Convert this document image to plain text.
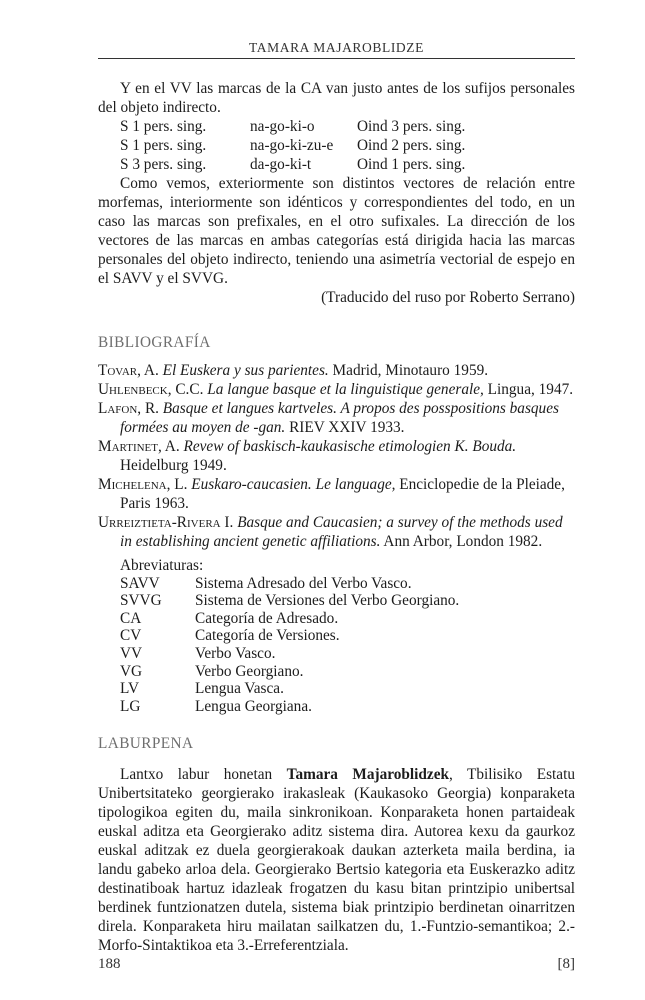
TAMARA MAJAROBLIDZE

Y en el VV las marcas de la CA van justo antes de los sufijos personales del objeto indirecto.

S 1 pers. sing.	na-go-ki-o	Oind 3 pers. sing.
S 1 pers. sing.	na-go-ki-zu-e Oind 2 pers. sing.
S 3 pers. sing.	da-go-ki-t	Oind 1 pers. sing.

Como vemos, exteriormente son distintos vectores de relación entre morfemas, interiormente son idénticos y correspondientes del todo, en un caso las marcas son prefixales, en el otro sufixales. La dirección de los vectores de las marcas en ambas categorías está dirigida hacia las marcas personales del objeto indirecto, teniendo una asimetría vectorial de espejo en el SAVV y el SVVG.

(Traducido del ruso por Roberto Serrano)

BIBLIOGRAFÍA

Tovar, A. El Euskera y sus parientes. Madrid, Minotauro 1959.

Uhlenbeck, C.C. La langue basque et la linguistique generale, Lingua, 1947.

Lafon, R. Basque et langues kartveles. A propos des posspositions basques formées au moyen de -gan. RIEV XXIV 1933.

Martinet, A. Revew of baskisch-kaukasische etimologien K. Bouda. Heidelburg 1949.

Michelena, L. Euskaro-caucasien. Le language, Enciclopedie de la Pleiade, Paris 1963.

Urreiztieta-Rivera I. Basque and Caucasien; a survey of the methods used in establishing ancient genetic affiliations. Ann Arbor, London 1982.

Abreviaturas:
SAVV Sistema Adresado del Verbo Vasco.
SVVG Sistema de Versiones del Verbo Georgiano.
CA	Categoría de Adresado.
CV	Categoría de Versiones.
VV	Verbo Vasco.
VG	Verbo Georgiano.
LV	Lengua Vasca.
LG	Lengua Georgiana.
LABURPENA

Lantxo labur honetan Tamara Majaroblidzek, Tbilisiko Estatu Unibertsitateko georgierako irakasleak (Kaukasoko Georgia) konparaketa tipologikoa egiten du, maila sinkronikoan. Konparaketa honen partaideak euskal aditza eta Georgierako aditz sistema dira. Autorea kexu da gaurkoz euskal aditzak ez duela georgierakoak daukan azterketa maila berdina, ia landu gabeko arloa dela. Georgierako Bertsio kategoria eta Euskerazko aditz destinatiboak hartuz idazleak frogatzen du kasu bitan printzipio unibertsal berdinek funtzionatzen dutela, sistema biak printzipio berdinetan oinarritzen direla. Konparaketa hiru mailatan sailkatzen du, 1.-Funtzio-semantikoa; 2.-Morfo-Sintaktikoa eta 3.-Erreferentziala.

188	[8]
